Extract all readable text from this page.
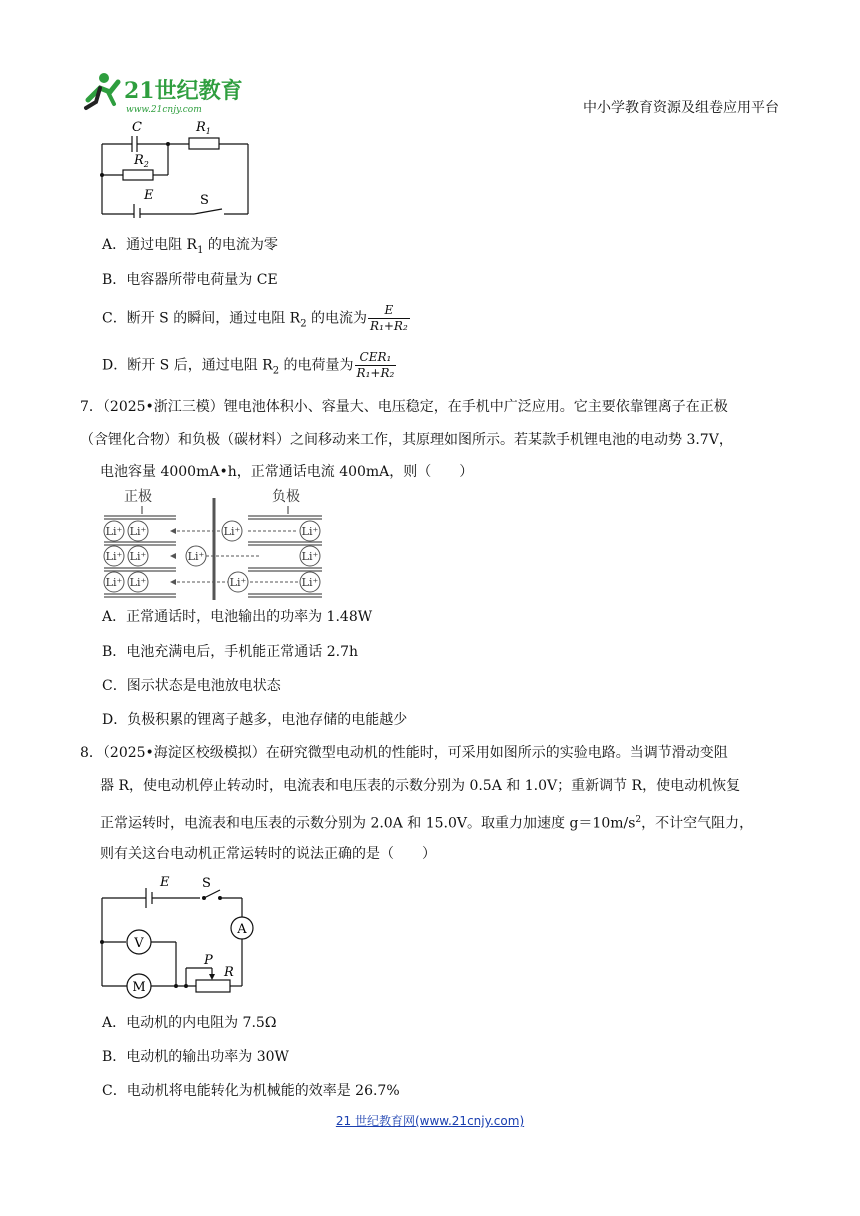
21世纪教育
www.21cnjy.com	中小学教育资源及组卷应用平台
C	$R_1$
$R_2$
E	S
A．通过电阻 $R_1$ 的电流为零
B．电容器所带电荷量为 CE
C．断开 S 的瞬间，通过电阻 $R_2$ 的电流为 $\frac{E}{\text{R₁+R₂}}$
D．断开 S 后，通过电阻 $R_2$ 的电荷量为 $\frac{\text{CER₁}}{\text{R₁+R₂}}$
7．（2025•浙江三模）锂电池体积小、容量大、电压稳定，在手机中广泛应用。它主要依靠锂离子在正极
（含锂化合物）和负极（碳材料）之间移动来工作，其原理如图所示。若某款手机锂电池的电动势 3.7V，
电池容量 4000mA•h，正常通话电流 400mA，则（　　）
正极	负极
Li⁺ Li⁺
Li⁺ Li⁺
Li⁺ Li⁺
Li⁺
Li⁺
Li⁺
Li⁺
Li⁺
Li⁺
A．正常通话时，电池输出的功率为 1.48W
B．电池充满电后，手机能正常通话 2.7h
C．图示状态是电池放电状态
D．负极积累的锂离子越多，电池存储的电能越少
8．（2025•海淀区校级模拟）在研究微型电动机的性能时，可采用如图所示的实验电路。当调节滑动变阻
器 R，使电动机停止转动时，电流表和电压表的示数分别为 0.5A 和 1.0V；重新调节 R，使电动机恢复
正常运转时，电流表和电压表的示数分别为 2.0A 和 15.0V。取重力加速度 $g=10m/s^2$，不计空气阻力，
则有关这台电动机正常运转时的说法正确的是（　　）
E	S
A
V
M
P
R
A．电动机的内电阻为 7.5Ω
B．电动机的输出功率为 30W
C．电动机将电能转化为机械能的效率是 26.7%
21 世纪教育网(www.21cnjy.com)
